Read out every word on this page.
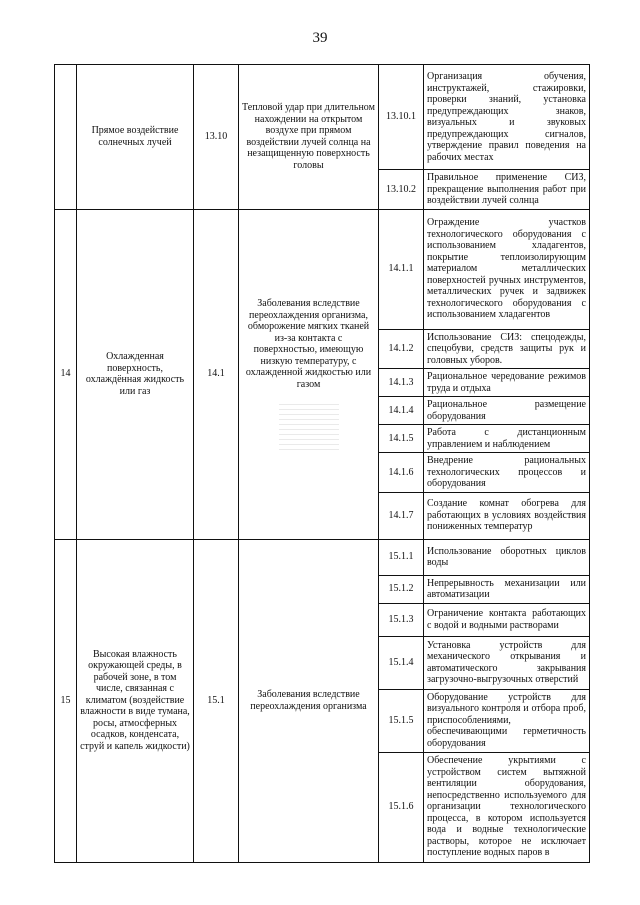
39
	Прямое воздействие солнечных лучей	13.10	Тепловой удар при длительном нахождении на открытом воздухе при прямом воздействии лучей солнца на незащищенную поверхность головы	13.10.1	Организация обучения, инструктажей, стажировки, проверки знаний, установка предупреждающих знаков, визуальных и звуковых предупреждающих сигналов, утверждение правил поведения на рабочих местах
				13.10.2	Правильное применение СИЗ, прекращение выполнения работ при воздействии лучей солнца
14	Охлажденная поверхность, охлаждённая жидкость или газ	14.1	Заболевания вследствие переохлаждения организма, обморожение мягких тканей из-за контакта с поверхностью, имеющую низкую температуру, с охлажденной жидкостью или газом	14.1.1	Ограждение участков технологического оборудования с использованием хладагентов, покрытие теплоизолирующим материалом металлических поверхностей ручных инструментов, металлических ручек и задвижек технологического оборудования с использованием хладагентов
				14.1.2	Использование СИЗ: спецодежды, спецобуви, средств защиты рук и головных уборов.
				14.1.3	Рациональное чередование режимов труда и отдыха
				14.1.4	Рациональное размещение оборудования
				14.1.5	Работа с дистанционным управлением и наблюдением
				14.1.6	Внедрение рациональных технологических процессов и оборудования
				14.1.7	Создание комнат обогрева для работающих в условиях воздействия пониженных температур
15	Высокая влажность окружающей среды, в рабочей зоне, в том числе, связанная с климатом (воздействие влажности в виде тумана, росы, атмосферных осадков, конденсата, струй и капель жидкости)	15.1	Заболевания вследствие переохлаждения организма	15.1.1	Использование оборотных циклов воды
				15.1.2	Непрерывность механизации или автоматизации
				15.1.3	Ограничение контакта работающих с водой и водными растворами
				15.1.4	Установка устройств для механического открывания и автоматического закрывания загрузочно-выгрузочных отверстий
				15.1.5	Оборудование устройств для визуального контроля и отбора проб, приспособлениями, обеспечивающими герметичность оборудования
				15.1.6	Обеспечение укрытиями с устройством систем вытяжной вентиляции оборудования, непосредственно используемого для организации технологического процесса, в котором используется вода и водные технологические растворы, которое не исключает поступление водных паров в
